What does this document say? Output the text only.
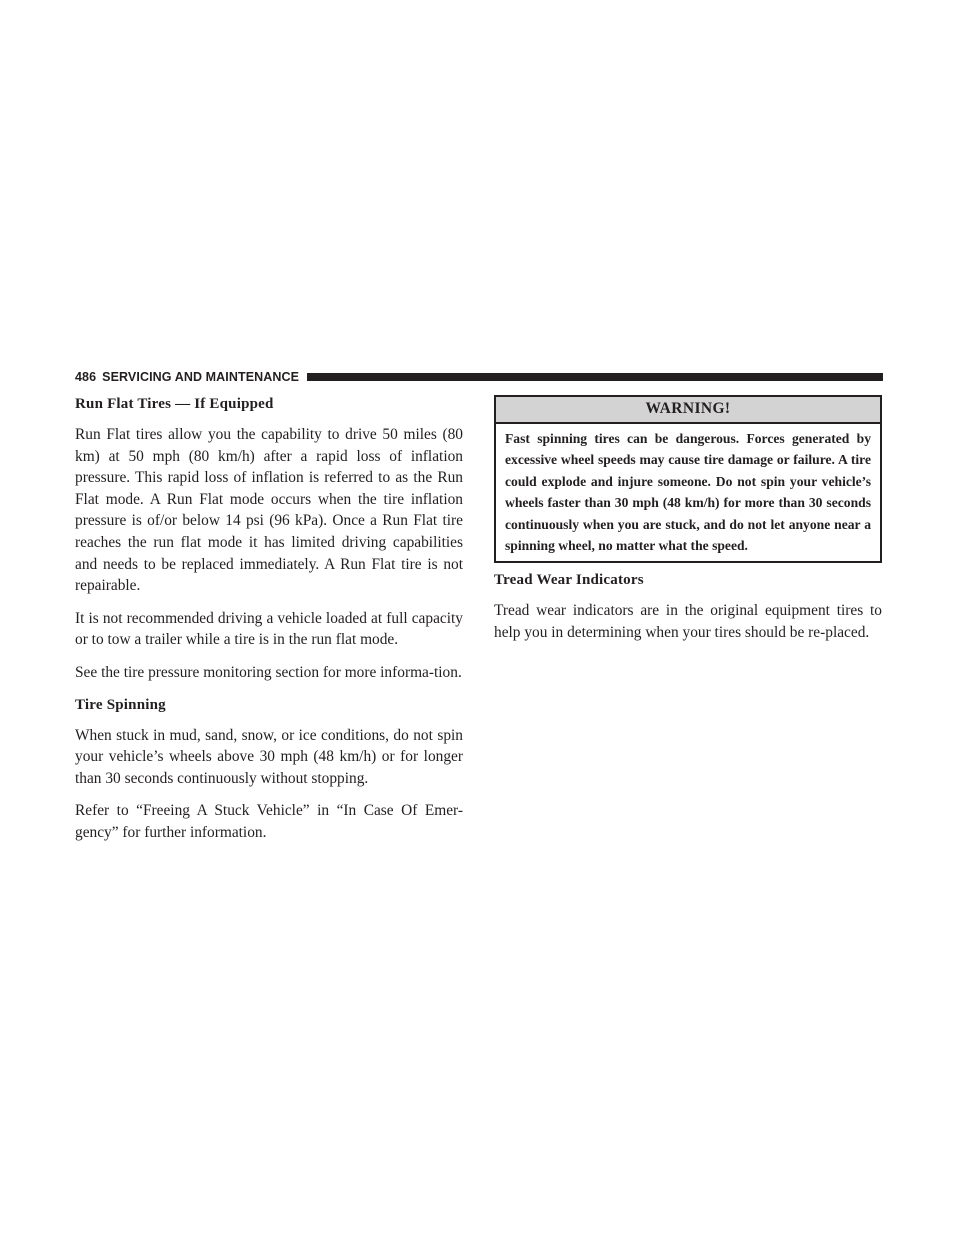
486 SERVICING AND MAINTENANCE
Run Flat Tires — If Equipped

Run Flat tires allow you the capability to drive 50 miles (80 km) at 50 mph (80 km/h) after a rapid loss of inflation pressure. This rapid loss of inflation is referred to as the Run Flat mode. A Run Flat mode occurs when the tire inflation pressure is of/or below 14 psi (96 kPa). Once a Run Flat tire reaches the run flat mode it has limited driving capabilities and needs to be replaced immediately. A Run Flat tire is not repairable.

It is not recommended driving a vehicle loaded at full capacity or to tow a trailer while a tire is in the run flat mode.

See the tire pressure monitoring section for more informa-tion.

Tire Spinning

When stuck in mud, sand, snow, or ice conditions, do not spin your vehicle’s wheels above 30 mph (48 km/h) or for longer than 30 seconds continuously without stopping.

Refer to “Freeing A Stuck Vehicle” in “In Case Of Emer-gency” for further information.

WARNING!
Fast spinning tires can be dangerous. Forces generated by excessive wheel speeds may cause tire damage or failure. A tire could explode and injure someone. Do not spin your vehicle’s wheels faster than 30 mph (48 km/h) for more than 30 seconds continuously when you are stuck, and do not let anyone near a spinning wheel, no matter what the speed.
Tread Wear Indicators

Tread wear indicators are in the original equipment tires to help you in determining when your tires should be re-placed.
